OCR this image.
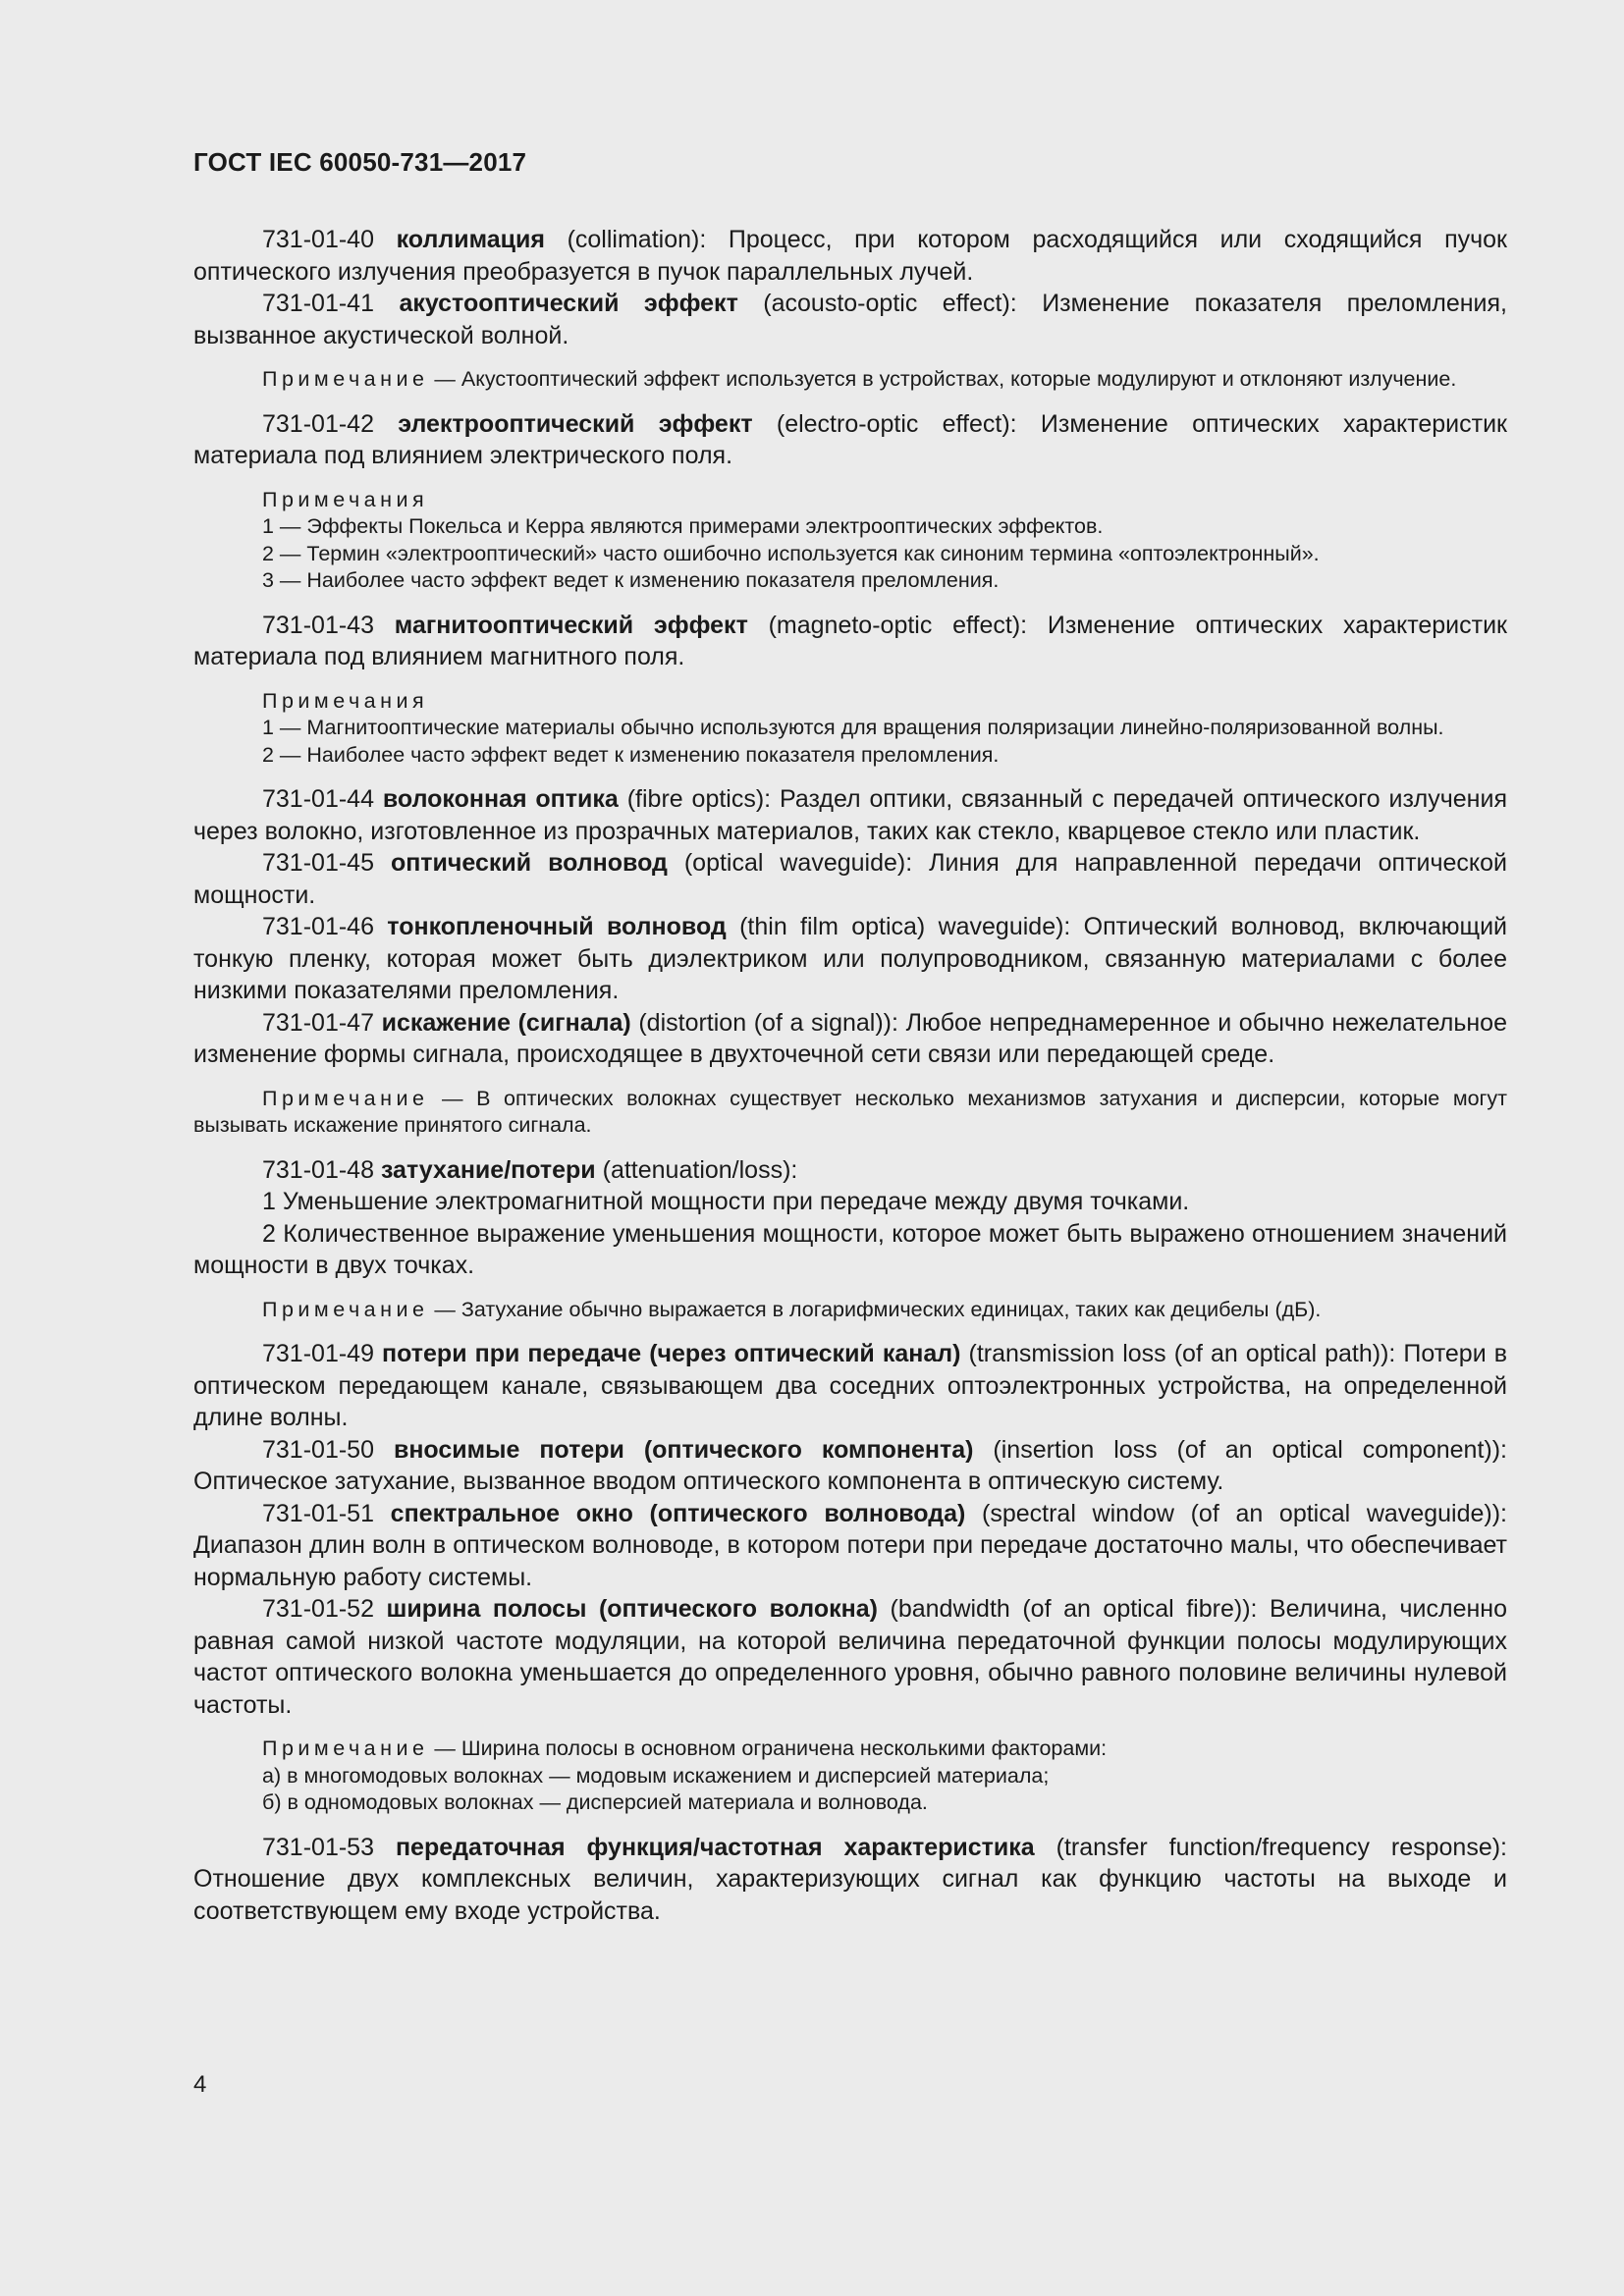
ГОСТ IEC 60050-731—2017

731-01-40 коллимация (collimation): Процесс, при котором расходящийся или сходящийся пучок оптического излучения преобразуется в пучок параллельных лучей.

731-01-41 акустооптический эффект (acousto-optic effect): Изменение показателя преломления, вызванное акустической волной.

Примечание — Акустооптический эффект используется в устройствах, которые модулируют и отклоняют излучение.

731-01-42 электрооптический эффект (electro-optic effect): Изменение оптических характеристик материала под влиянием электрического поля.

Примечания
1 — Эффекты Покельса и Керра являются примерами электрооптических эффектов.
2 — Термин «электрооптический» часто ошибочно используется как синоним термина «оптоэлектронный».
3 — Наиболее часто эффект ведет к изменению показателя преломления.

731-01-43 магнитооптический эффект (magneto-optic effect): Изменение оптических характеристик материала под влиянием магнитного поля.

Примечания
1 — Магнитооптические материалы обычно используются для вращения поляризации линейно-поляризованной волны.
2 — Наиболее часто эффект ведет к изменению показателя преломления.

731-01-44 волоконная оптика (fibre optics): Раздел оптики, связанный с передачей оптического излучения через волокно, изготовленное из прозрачных материалов, таких как стекло, кварцевое стекло или пластик.

731-01-45 оптический волновод (optical waveguide): Линия для направленной передачи оптической мощности.

731-01-46 тонкопленочный волновод (thin film optica) waveguide): Оптический волновод, включающий тонкую пленку, которая может быть диэлектриком или полупроводником, связанную материалами с более низкими показателями преломления.

731-01-47 искажение (сигнала) (distortion (of a signal)): Любое непреднамеренное и обычно нежелательное изменение формы сигнала, происходящее в двухточечной сети связи или передающей среде.

Примечание — В оптических волокнах существует несколько механизмов затухания и дисперсии, которые могут вызывать искажение принятого сигнала.

731-01-48 затухание/потери (attenuation/loss):

1 Уменьшение электромагнитной мощности при передаче между двумя точками.

2 Количественное выражение уменьшения мощности, которое может быть выражено отношением значений мощности в двух точках.

Примечание — Затухание обычно выражается в логарифмических единицах, таких как децибелы (дБ).

731-01-49 потери при передаче (через оптический канал) (transmission loss (of an optical path)): Потери в оптическом передающем канале, связывающем два соседних оптоэлектронных устройства, на определенной длине волны.

731-01-50 вносимые потери (оптического компонента) (insertion loss (of an optical component)): Оптическое затухание, вызванное вводом оптического компонента в оптическую систему.

731-01-51 спектральное окно (оптического волновода) (spectral window (of an optical waveguide)): Диапазон длин волн в оптическом волноводе, в котором потери при передаче достаточно малы, что обеспечивает нормальную работу системы.

731-01-52 ширина полосы (оптического волокна) (bandwidth (of an optical fibre)): Величина, численно равная самой низкой частоте модуляции, на которой величина передаточной функции полосы модулирующих частот оптического волокна уменьшается до определенного уровня, обычно равного половине величины нулевой частоты.

Примечание — Ширина полосы в основном ограничена несколькими факторами:
а) в многомодовых волокнах — модовым искажением и дисперсией материала;
б) в одномодовых волокнах — дисперсией материала и волновода.

731-01-53 передаточная функция/частотная характеристика (transfer function/frequency response): Отношение двух комплексных величин, характеризующих сигнал как функцию частоты на выходе и соответствующем ему входе устройства.

4
